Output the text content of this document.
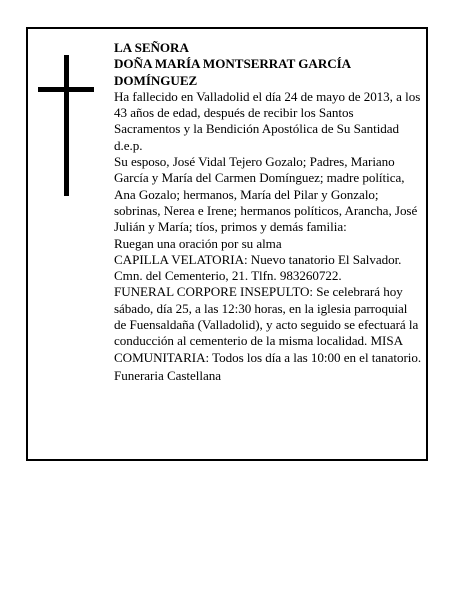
LA SEÑORA

DOÑA MARÍA MONTSERRAT GARCÍA DOMÍNGUEZ

Ha fallecido en Valladolid el día 24 de mayo de 2013, a los 43 años de edad, después de recibir los Santos Sacramentos y la Bendición Apostólica de Su Santidad

d.e.p.

Su esposo, José Vidal Tejero Gozalo; Padres, Mariano García y María del Carmen Domínguez; madre política, Ana Gozalo; hermanos, María del Pilar y Gonzalo; sobrinas, Nerea e Irene; hermanos políticos, Arancha, José Julián y María; tíos, primos y demás familia:

Ruegan una oración por su alma

CAPILLA VELATORIA: Nuevo tanatorio El Salvador. Cmn. del Cementerio, 21. Tlfn. 983260722.

FUNERAL CORPORE INSEPULTO: Se celebrará hoy sábado, día 25, a las 12:30 horas, en la iglesia parroquial de Fuensaldaña (Valladolid), y acto seguido se efectuará la conducción al cementerio de la misma localidad. MISA COMUNITARIA: Todos los día a las 10:00 en el tanatorio.

Funeraria Castellana
